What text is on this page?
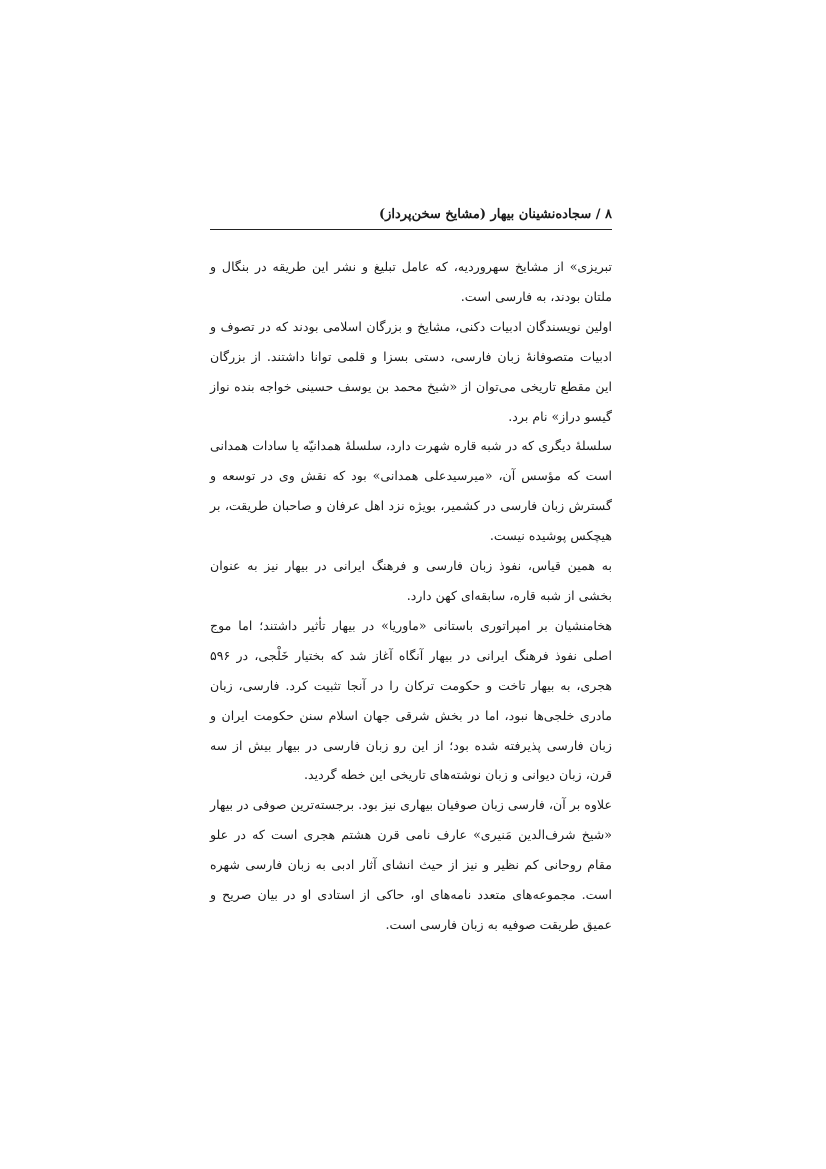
۸ / سجاده‌نشینان بیهار (مشایخ سخن‌پرداز)

تبریزی» از مشایخ سهروردیه، که عامل تبلیغ و نشر این طریقه در بنگال و ملتان بودند، به فارسی است.

اولین نویسندگان ادبیات دکنی، مشایخ و بزرگان اسلامی بودند که در تصوف و ادبیات متصوفانهٔ زبان فارسی، دستی بسزا و قلمی توانا داشتند. از بزرگان این مقطع تاریخی می‌توان از «شیخ محمد بن یوسف حسینی خواجه بنده نواز گیسو دراز» نام برد.

سلسلهٔ دیگری که در شبه قاره شهرت دارد، سلسلهٔ همدانیّه یا سادات همدانی است که مؤسس آن، «میرسیدعلی همدانی» بود که نقش وی در توسعه و گسترش زبان فارسی در کشمیر، بویژه نزد اهل عرفان و صاحبان طریقت، بر هیچکس پوشیده نیست.

به همین قیاس، نفوذ زبان فارسی و فرهنگ ایرانی در بیهار نیز به عنوان بخشی از شبه قاره، سابقه‌ای کهن دارد.

هخامنشیان بر امپراتوری باستانی «ماوریا» در بیهار تأثیر داشتند؛ اما موج اصلی نفوذ فرهنگ ایرانی در بیهار آنگاه آغاز شد که بختیار خَلْجی، در ۵۹۶ هجری، به بیهار تاخت و حکومت ترکان را در آنجا تثبیت کرد. فارسی، زبان مادری خلجی‌ها نبود، اما در بخش شرقی جهان اسلام سنن حکومت ایران و زبان فارسی پذیرفته شده بود؛ از این رو زبان فارسی در بیهار بیش از سه قرن، زبان دیوانی و زبان نوشته‌های تاریخی این خطه گردید.

علاوه بر آن، فارسی زبان صوفیان بیهاری نیز بود. برجسته‌ترین صوفی در بیهار «شیخ شرف‌الدین مَنیری» عارف نامی قرن هشتم هجری است که در علو مقام روحانی کم نظیر و نیز از حیث انشای آثار ادبی به زبان فارسی شهره است. مجموعه‌های متعدد نامه‌های او، حاکی از استادی او در بیان صریح و عمیق طریقت صوفیه به زبان فارسی است.
